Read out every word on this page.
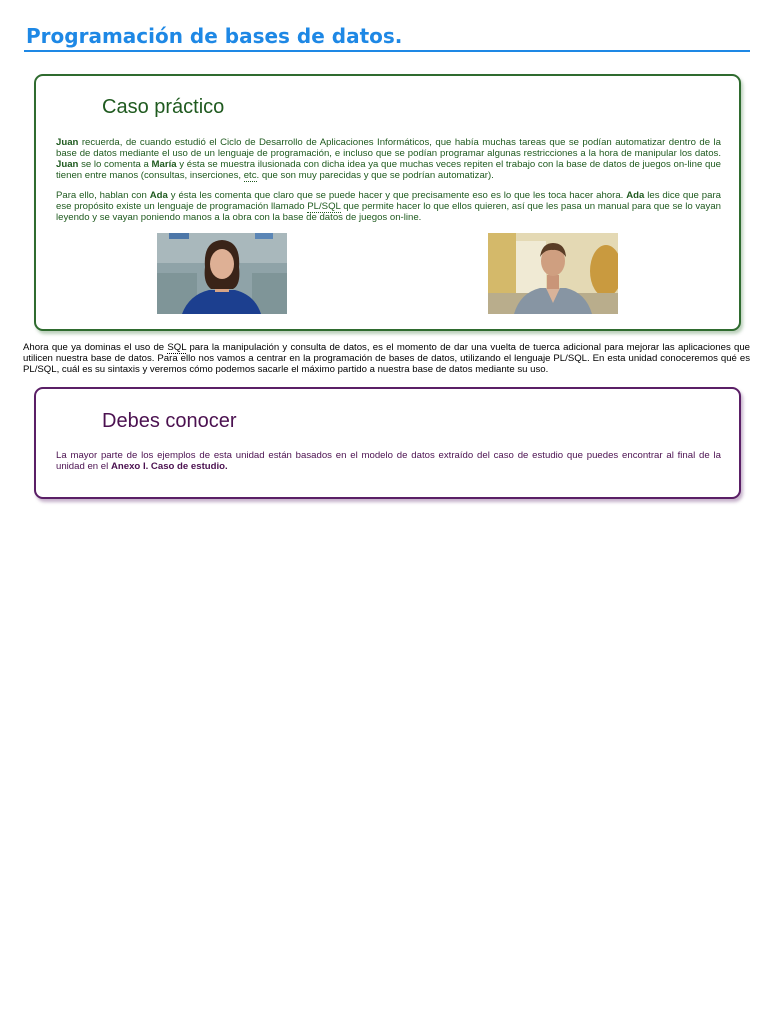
Programación de bases de datos.
Caso práctico

Juan recuerda, de cuando estudió el Ciclo de Desarrollo de Aplicaciones Informáticos, que había muchas tareas que se podían automatizar dentro de la base de datos mediante el uso de un lenguaje de programación, e incluso que se podían programar algunas restricciones a la hora de manipular los datos. Juan se lo comenta a María y ésta se muestra ilusionada con dicha idea ya que muchas veces repiten el trabajo con la base de datos de juegos on-line que tienen entre manos (consultas, inserciones, etc. que son muy parecidas y que se podrían automatizar).

Para ello, hablan con Ada y ésta les comenta que claro que se puede hacer y que precisamente eso es lo que les toca hacer ahora. Ada les dice que para ese propósito existe un lenguaje de programación llamado PL/SQL que permite hacer lo que ellos quieren, así que les pasa un manual para que se lo vayan leyendo y se vayan poniendo manos a la obra con la base de datos de juegos on-line.

Ahora que ya dominas el uso de SQL para la manipulación y consulta de datos, es el momento de dar una vuelta de tuerca adicional para mejorar las aplicaciones que utilicen nuestra base de datos. Para ello nos vamos a centrar en la programación de bases de datos, utilizando el lenguaje PL/SQL. En esta unidad conoceremos qué es PL/SQL, cuál es su sintaxis y veremos cómo podemos sacarle el máximo partido a nuestra base de datos mediante su uso.

Debes conocer

La mayor parte de los ejemplos de esta unidad están basados en el modelo de datos extraído del caso de estudio que puedes encontrar al final de la unidad en el Anexo I. Caso de estudio.
